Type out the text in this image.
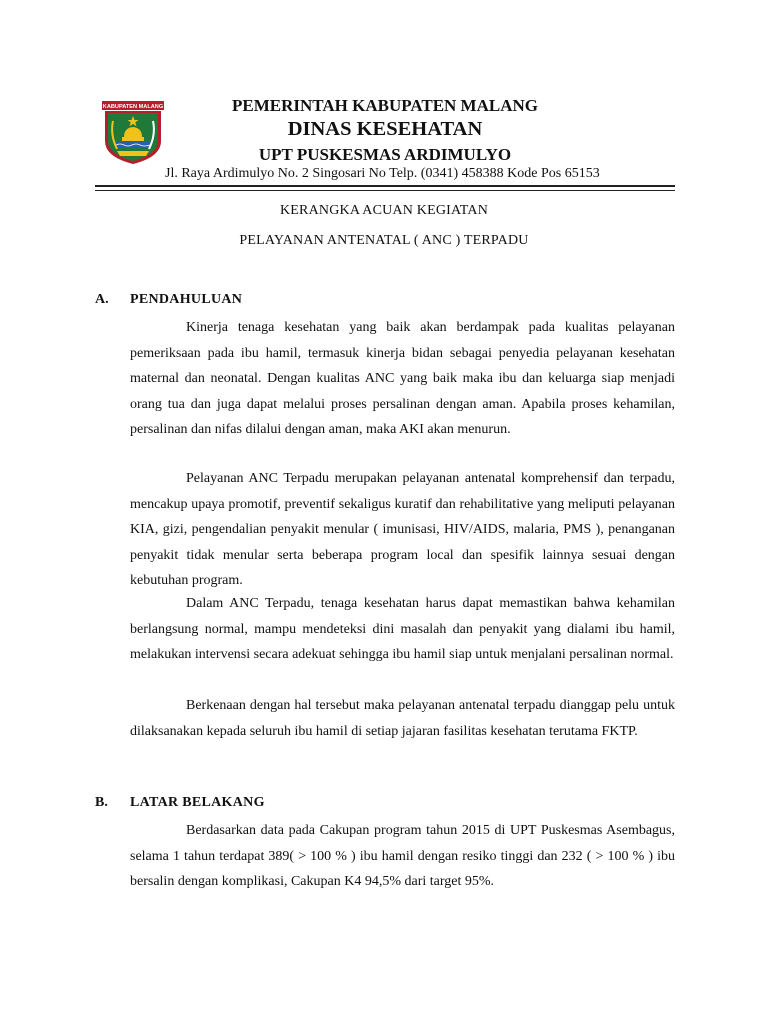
KABUPATEN MALANG	PEMERINTAH KABUPATEN MALANG
DINAS KESEHATAN
UPT PUSKESMAS ARDIMULYO
Jl. Raya Ardimulyo No. 2 Singosari No Telp. (0341) 458388 Kode Pos 65153
KERANGKA ACUAN KEGIATAN
PELAYANAN ANTENATAL ( ANC ) TERPADU
A. PENDAHULUAN
Kinerja tenaga kesehatan yang baik akan berdampak pada kualitas pelayanan pemeriksaan pada ibu hamil, termasuk kinerja bidan sebagai penyedia pelayanan kesehatan maternal dan neonatal. Dengan kualitas ANC yang baik maka ibu dan keluarga siap menjadi orang tua dan juga dapat melalui proses persalinan dengan aman. Apabila proses kehamilan, persalinan dan nifas dilalui dengan aman, maka AKI akan menurun.
Pelayanan ANC Terpadu merupakan pelayanan antenatal komprehensif dan terpadu, mencakup upaya promotif, preventif sekaligus kuratif dan rehabilitative yang meliputi pelayanan KIA, gizi, pengendalian penyakit menular ( imunisasi, HIV/AIDS, malaria, PMS ), penanganan penyakit tidak menular serta beberapa program local dan spesifik lainnya sesuai dengan kebutuhan program.
Dalam ANC Terpadu, tenaga kesehatan harus dapat memastikan bahwa kehamilan berlangsung normal, mampu mendeteksi dini masalah dan penyakit yang dialami ibu hamil, melakukan intervensi secara adekuat sehingga ibu hamil siap untuk menjalani persalinan normal.
Berkenaan dengan hal tersebut maka pelayanan antenatal terpadu dianggap pelu untuk dilaksanakan kepada seluruh ibu hamil di setiap jajaran fasilitas kesehatan terutama FKTP.
B. LATAR BELAKANG
Berdasarkan data pada Cakupan program tahun 2015 di UPT Puskesmas Asembagus, selama 1 tahun terdapat 389( > 100 % ) ibu hamil dengan resiko tinggi dan 232 ( > 100 % ) ibu bersalin dengan komplikasi, Cakupan K4 94,5% dari target 95%.
